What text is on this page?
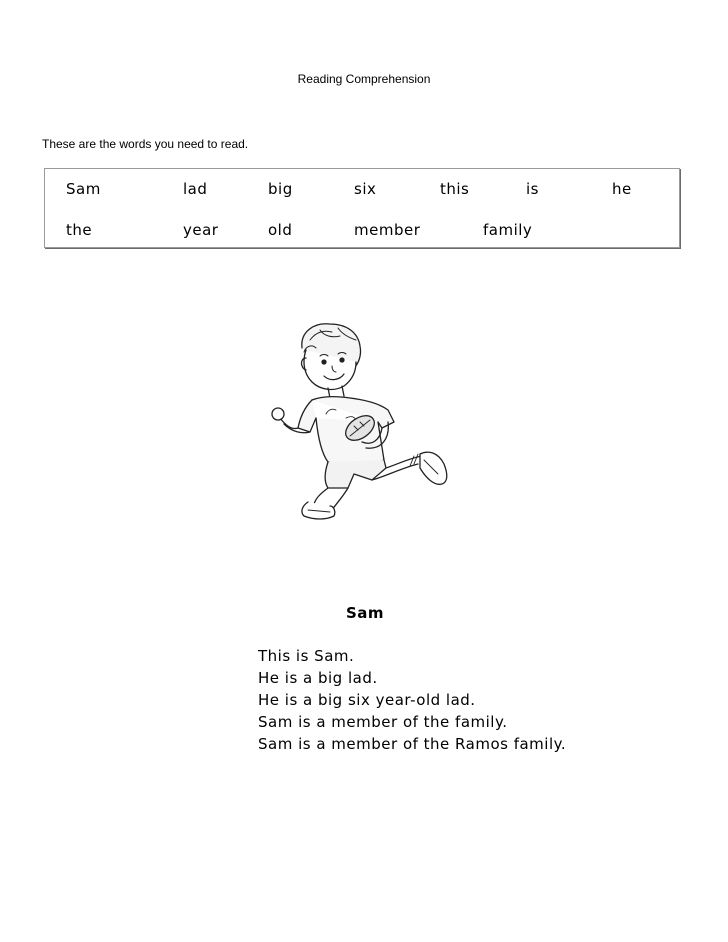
Reading Comprehension
These are the words you need to read.
Sam	lad	big	six	this	is	he
the	year	old	member	family
Sam
This is Sam.
He is a big lad.
He is a big six year-old lad.
Sam is a member of the family.
Sam is a member of the Ramos family.
